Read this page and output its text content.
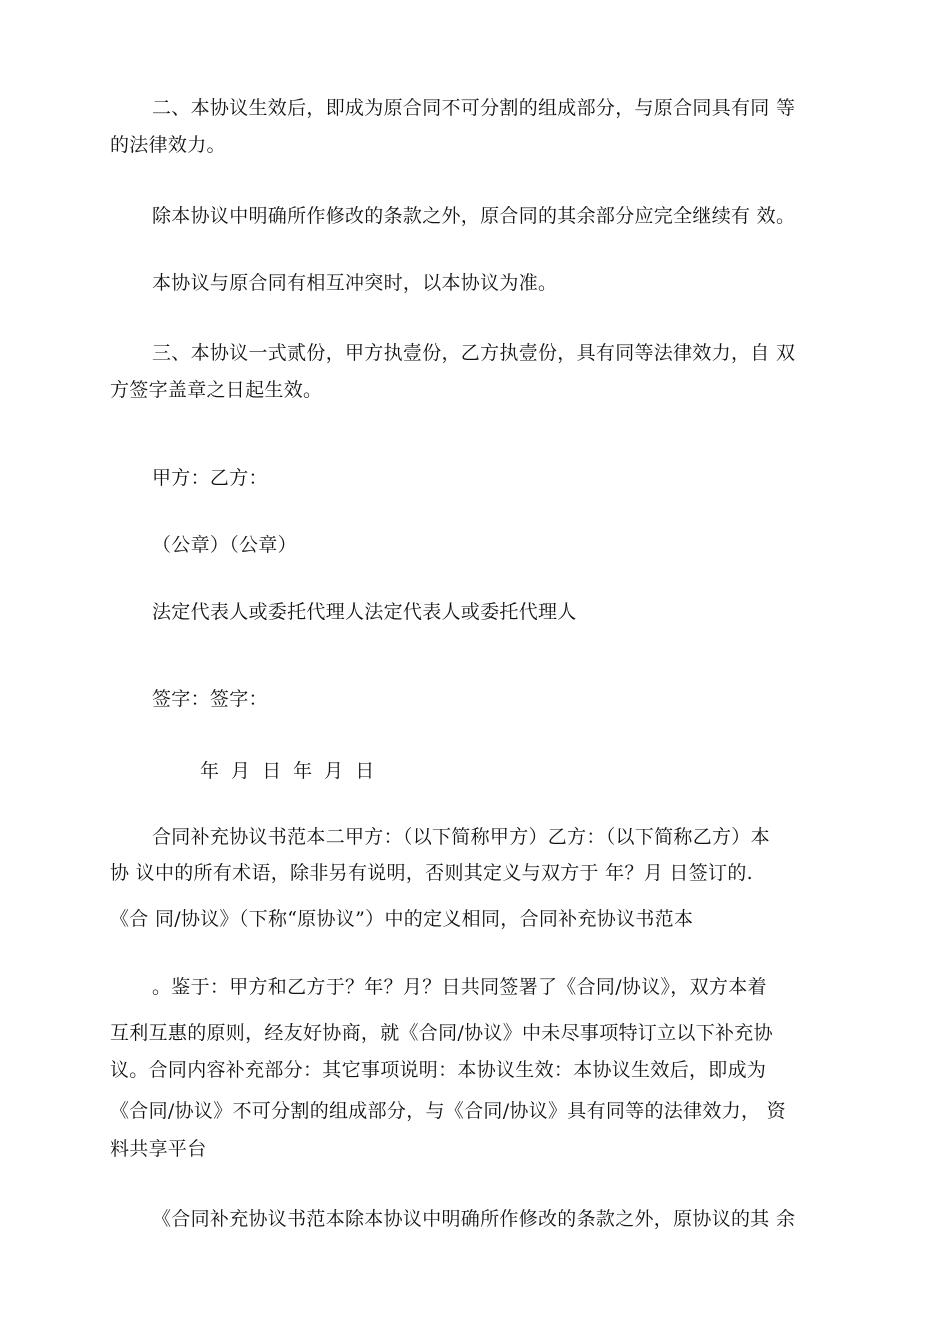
二、本协议生效后，即成为原合同不可分割的组成部分，与原合同具有同 等
的法律效力。
除本协议中明确所作修改的条款之外，原合同的其余部分应完全继续有 效。
本协议与原合同有相互冲突时，以本协议为准。
三、本协议一式贰份，甲方执壹份，乙方执壹份，具有同等法律效力，自 双
方签字盖章之日起生效。
甲方：乙方：
（公章）（公章）
法定代表人或委托代理人法定代表人或委托代理人
签字：签字：
年 月 日 年 月 日
合同补充协议书范本二甲方：（以下简称甲方）乙方：（以下简称乙方）本
协 议中的所有术语，除非另有说明，否则其定义与双方于 年？月 日签订的.
《合 同/协议》（下称“原协议”）中的定义相同，合同补充协议书范本
。鉴于：甲方和乙方于？年？月？日共同签署了《合同/协议》，双方本着
互利互惠的原则，经友好协商，就《合同/协议》中未尽事项特订立以下补充协
议。合同内容补充部分：其它事项说明：本协议生效：本协议生效后，即成为
《合同/协议》不可分割的组成部分，与《合同/协议》具有同等的法律效力， 资
料共享平台
《合同补充协议书范本除本协议中明确所作修改的条款之外，原协议的其 余
